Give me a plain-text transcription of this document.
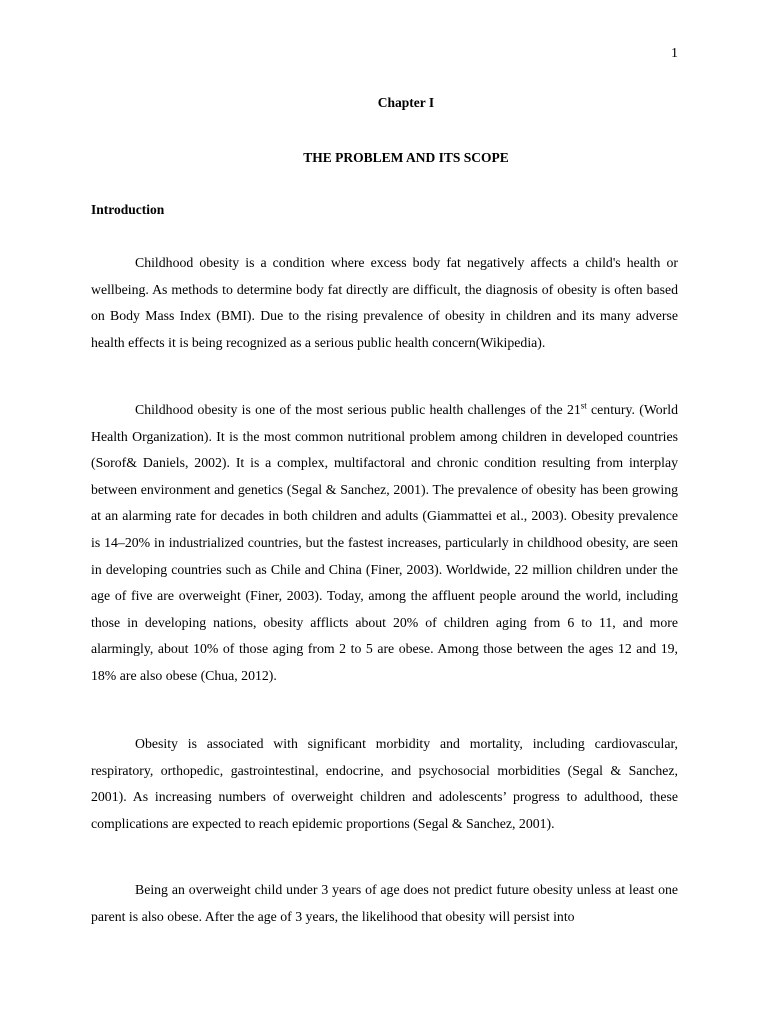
1
Chapter I
THE PROBLEM AND ITS SCOPE
Introduction

Childhood obesity is a condition where excess body fat negatively affects a child's health or wellbeing. As methods to determine body fat directly are difficult, the diagnosis of obesity is often based on Body Mass Index (BMI). Due to the rising prevalence of obesity in children and its many adverse health effects it is being recognized as a serious public health concern(Wikipedia).

Childhood obesity is one of the most serious public health challenges of the 21st century. (World Health Organization). It is the most common nutritional problem among children in developed countries (Sorof& Daniels, 2002). It is a complex, multifactoral and chronic condition resulting from interplay between environment and genetics (Segal & Sanchez, 2001). The prevalence of obesity has been growing at an alarming rate for decades in both children and adults (Giammattei et al., 2003). Obesity prevalence is 14–20% in industrialized countries, but the fastest increases, particularly in childhood obesity, are seen in developing countries such as Chile and China (Finer, 2003). Worldwide, 22 million children under the age of five are overweight (Finer, 2003). Today, among the affluent people around the world, including those in developing nations, obesity afflicts about 20% of children aging from 6 to 11, and more alarmingly, about 10% of those aging from 2 to 5 are obese. Among those between the ages 12 and 19, 18% are also obese (Chua, 2012).

Obesity is associated with significant morbidity and mortality, including cardiovascular, respiratory, orthopedic, gastrointestinal, endocrine, and psychosocial morbidities (Segal & Sanchez, 2001). As increasing numbers of overweight children and adolescents’ progress to adulthood, these complications are expected to reach epidemic proportions (Segal & Sanchez, 2001).

Being an overweight child under 3 years of age does not predict future obesity unless at least one parent is also obese. After the age of 3 years, the likelihood that obesity will persist into
